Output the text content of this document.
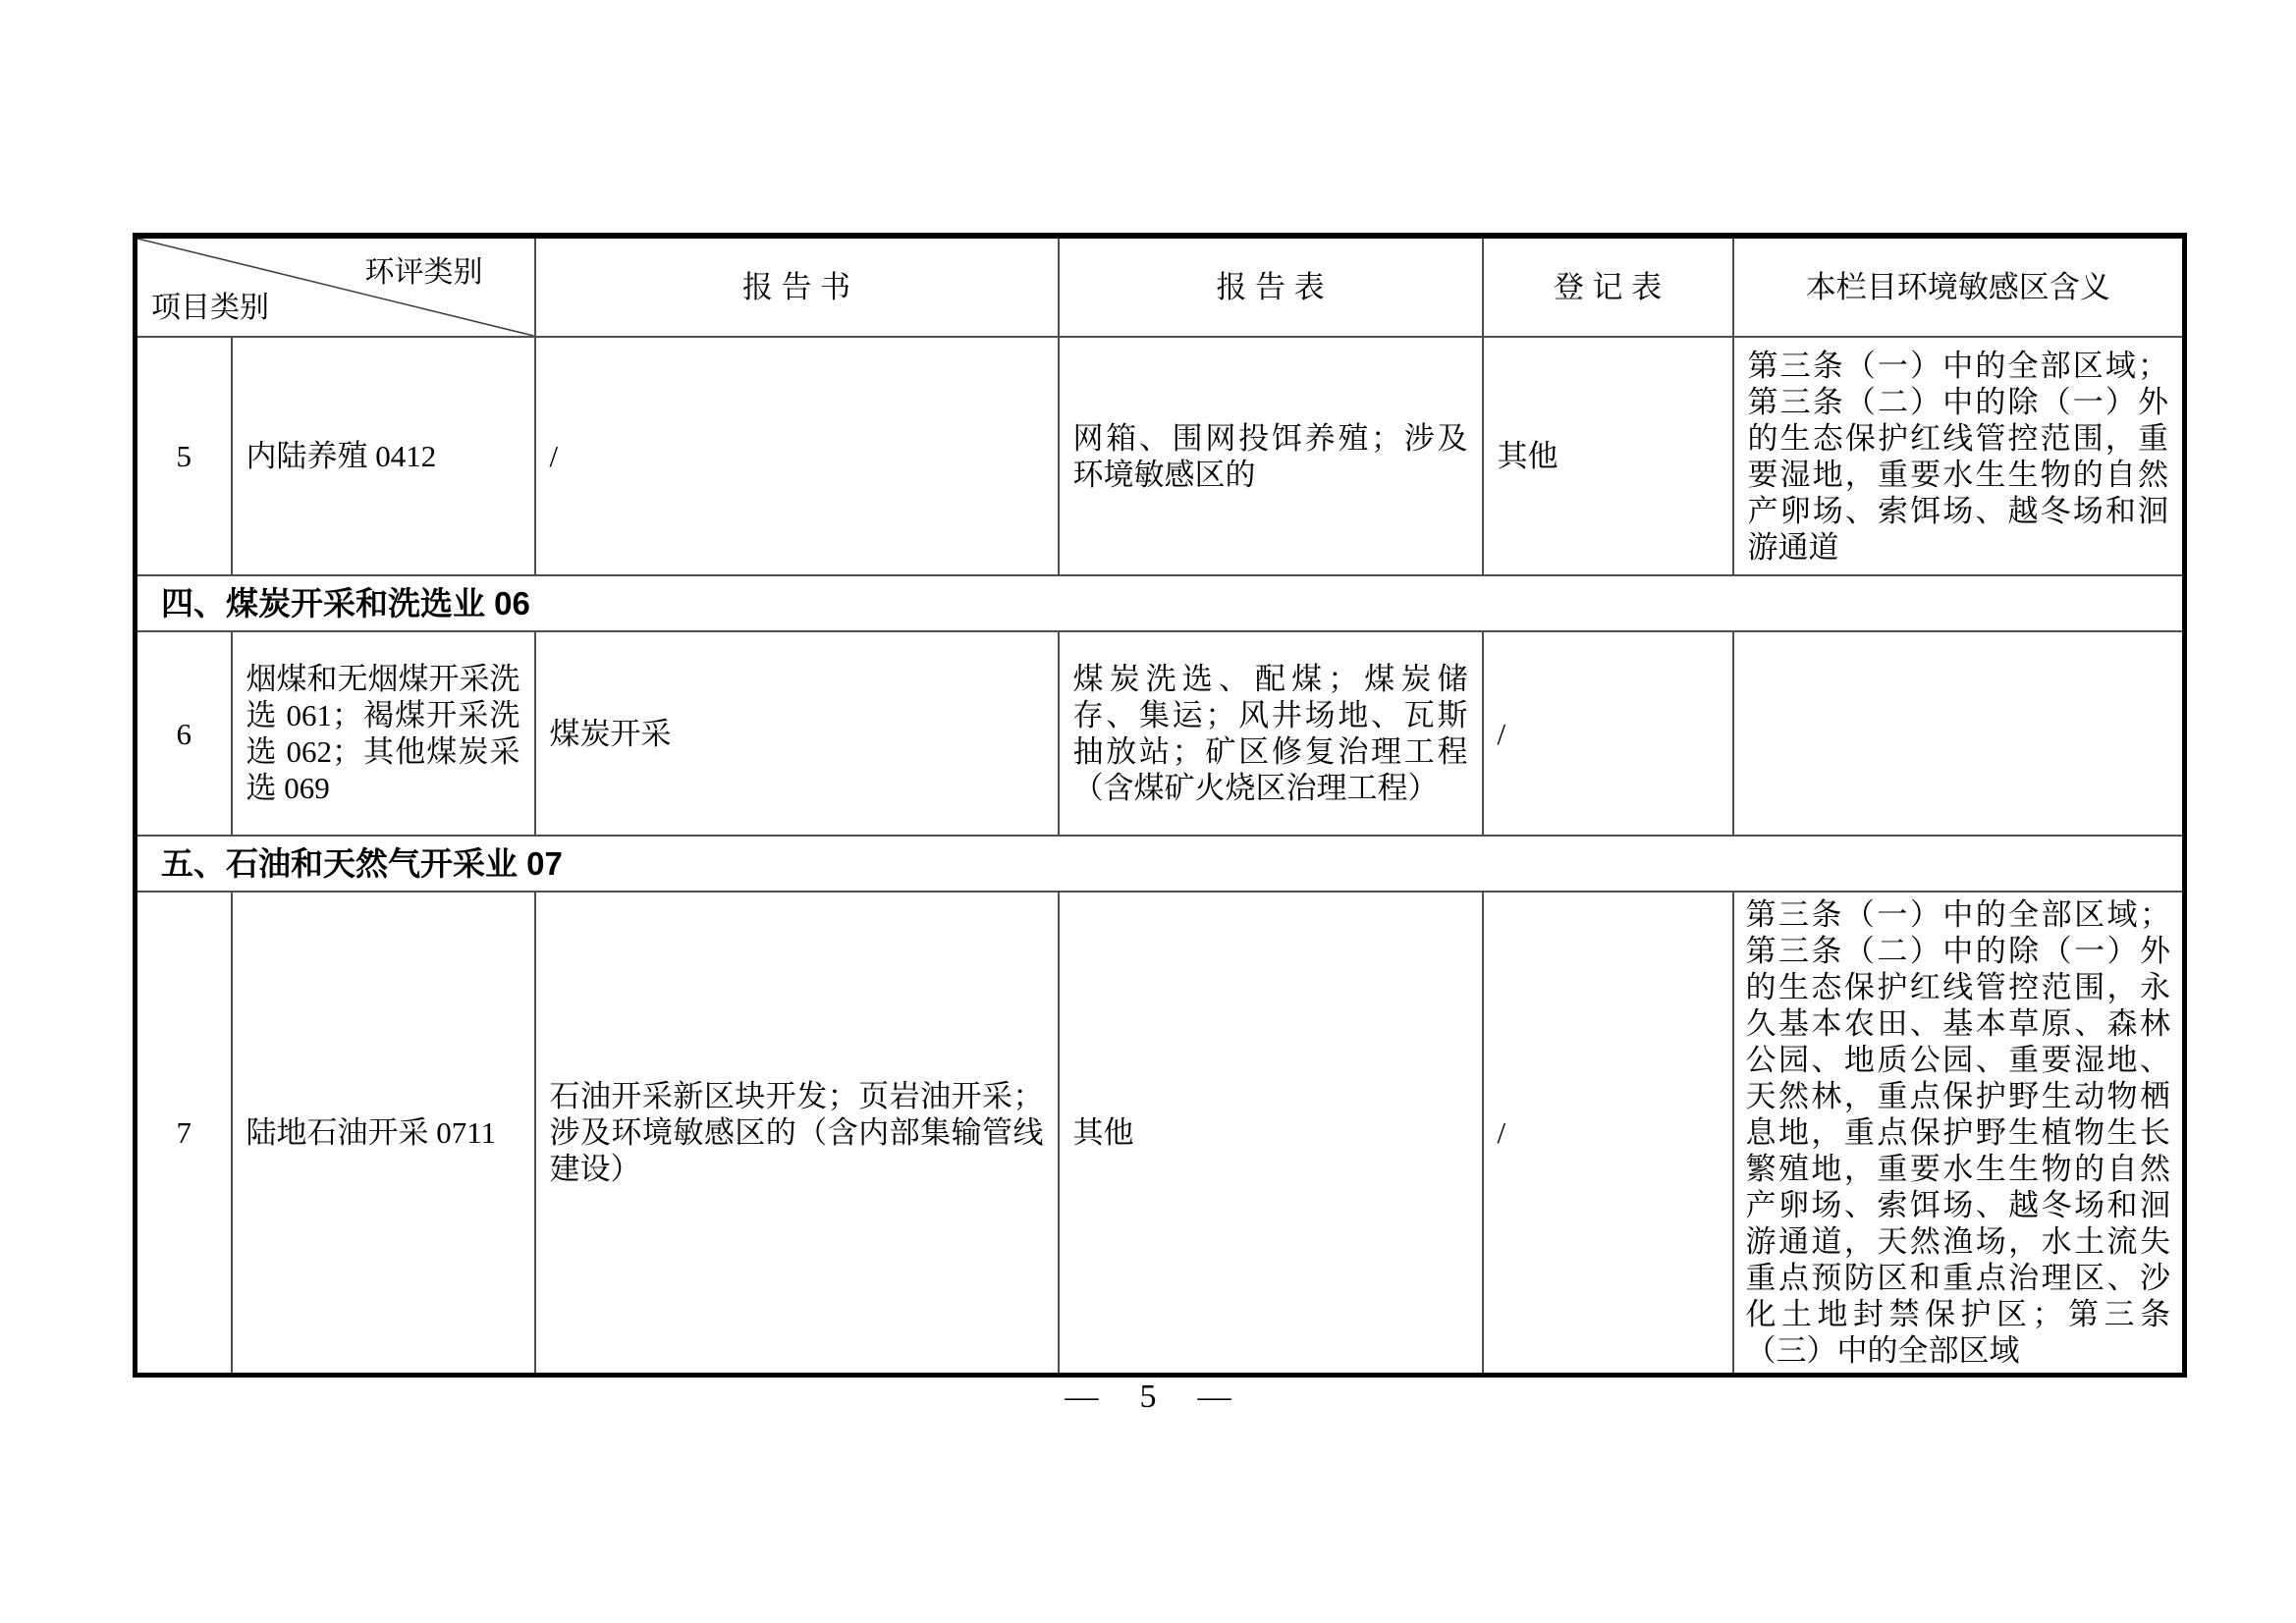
环评类别
项目类别		报 告 书	报 告 表	登 记 表	本栏目环境敏感区含义
5	内陆养殖 0412	/	网箱、围网投饵养殖；涉及环境敏感区的	其他	第三条（一）中的全部区域；第三条（二）中的除（一）外的生态保护红线管控范围，重要湿地，重要水生生物的自然产卵场、索饵场、越冬场和洄游通道
四、煤炭开采和洗选业 06					
6	烟煤和无烟煤开采洗选 061；褐煤开采洗选 062；其他煤炭采选 069	煤炭开采	煤炭洗选、配煤；煤炭储存、集运；风井场地、瓦斯抽放站；矿区修复治理工程（含煤矿火烧区治理工程）	/	
五、石油和天然气开采业 07					
7	陆地石油开采 0711	石油开采新区块开发；页岩油开采；涉及环境敏感区的（含内部集输管线建设）	其他	/	第三条（一）中的全部区域；第三条（二）中的除（一）外的生态保护红线管控范围，永久基本农田、基本草原、森林公园、地质公园、重要湿地、天然林，重点保护野生动物栖息地，重点保护野生植物生长繁殖地，重要水生生物的自然产卵场、索饵场、越冬场和洄游通道，天然渔场，水土流失重点预防区和重点治理区、沙化土地封禁保护区；第三条（三）中的全部区域
— 5 —
